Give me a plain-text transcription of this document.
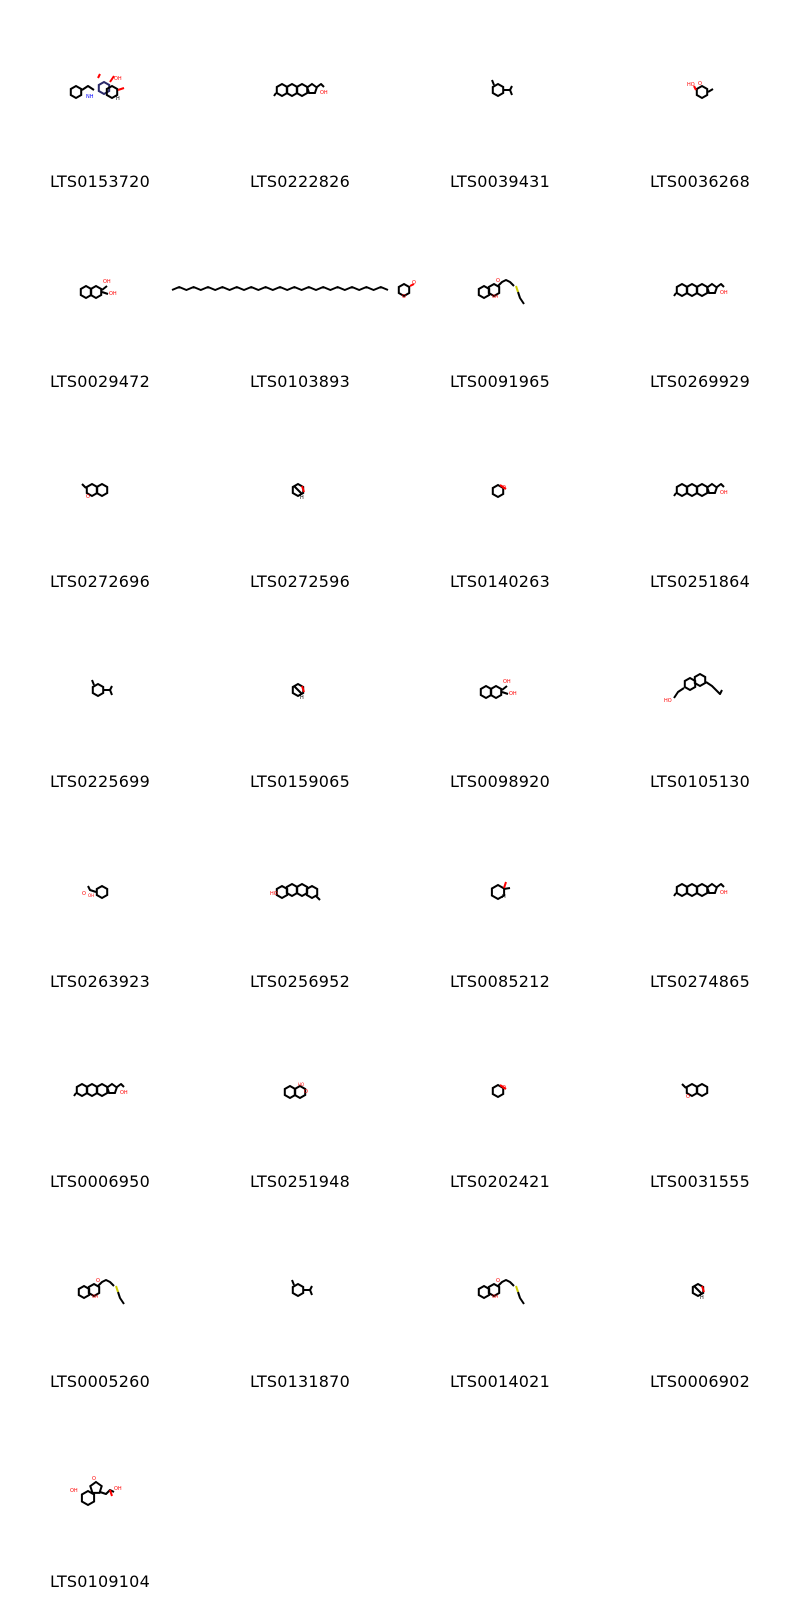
NH
OH
H
LTS0153720
OH
LTS0222826	LTS0039431
HO O
LTS0036268
OH
OH
LTS0029472
O
O
LTS0103893
O
OH
LTS0091965
OH
LTS0269929
O
LTS0272696
H
LTS0272596
O
LTS0140263
OH
LTS0251864
LTS0225699
H
LTS0159065
OH
OH
LTS0098920
HO
LTS0105130
O OH
LTS0263923
HO
LTS0256952
H
LTS0085212
OH
LTS0274865
OH
LTS0006950
HO
O
LTS0251948
O
LTS0202421
O
LTS0031555
O
OH
LTS0005260	LTS0131870
O
OH
LTS0014021
H
LTS0006902
OH	OH
O
LTS0109104
